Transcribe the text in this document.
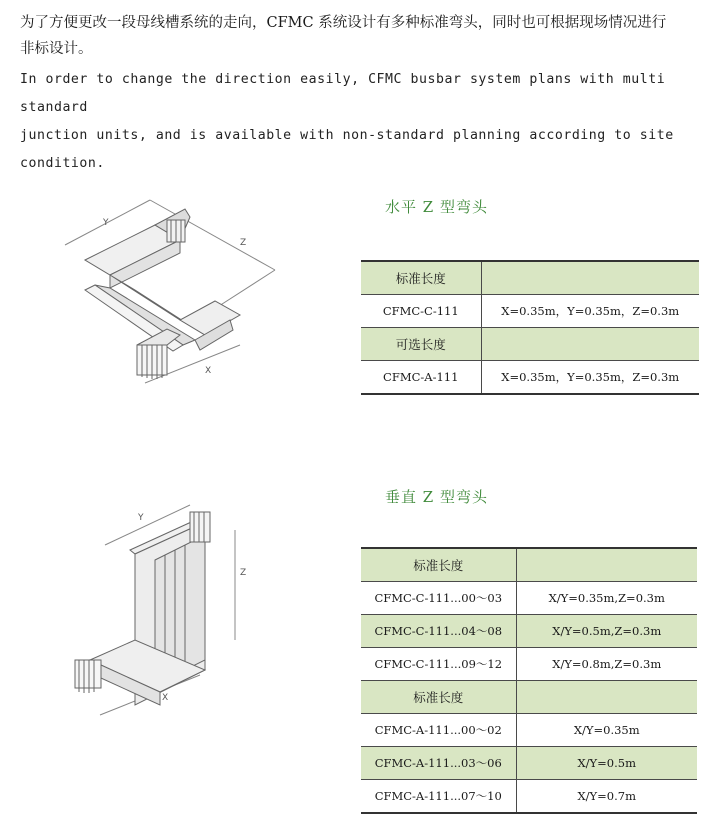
为了方便更改一段母线槽系统的走向，CFMC 系统设计有多种标准弯头，同时也可根据现场情况进行

非标设计。

In order to change the direction easily, CFMC busbar system plans with multi standard

junction units, and is available with non-standard planning according to site condition.

Y
Z
X
水平 Z 型弯头
标准长度	
CFMC-C-111	X=0.35m，Y=0.35m，Z=0.3m
可选长度	
CFMC-A-111	X=0.35m，Y=0.35m，Z=0.3m
Y
Z
X
垂直 Z 型弯头
标准长度	
CFMC-C-111...00～03	X/Y=0.35m,Z=0.3m
CFMC-C-111...04～08	X/Y=0.5m,Z=0.3m
CFMC-C-111...09～12	X/Y=0.8m,Z=0.3m
标准长度	
CFMC-A-111...00～02	X/Y=0.35m
CFMC-A-111...03～06	X/Y=0.5m
CFMC-A-111...07～10	X/Y=0.7m
